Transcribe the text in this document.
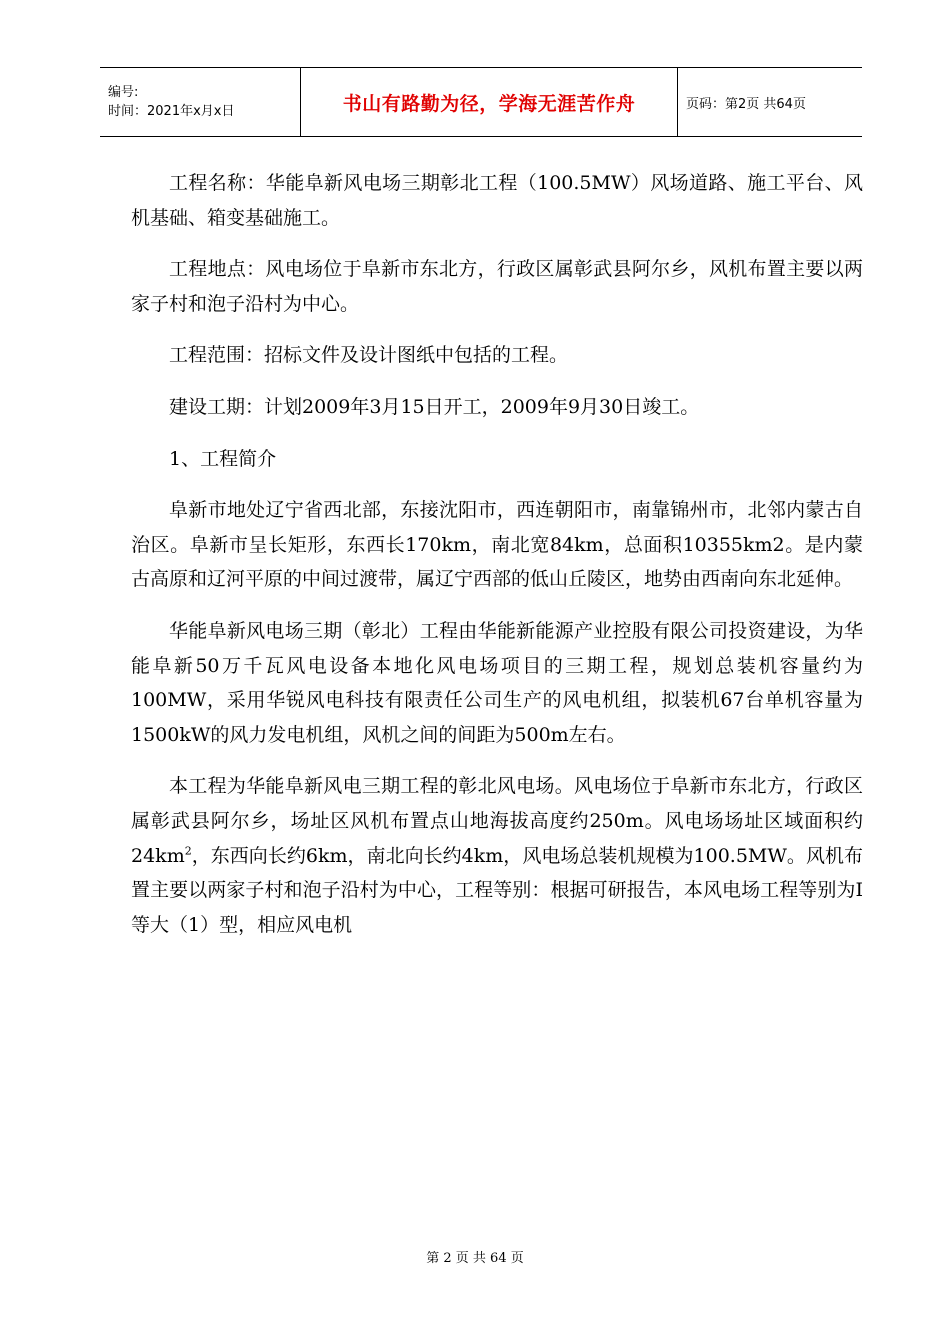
编号:
时间：2021年x月x日	书山有路勤为径，学海无涯苦作舟	页码：第2页 共64页

工程名称：华能阜新风电场三期彰北工程（100.5MW）风场道路、施工平台、风机基础、箱变基础施工。

工程地点：风电场位于阜新市东北方，行政区属彰武县阿尔乡，风机布置主要以两家子村和泡子沿村为中心。

工程范围：招标文件及设计图纸中包括的工程。

建设工期：计划2009年3月15日开工，2009年9月30日竣工。

1、工程简介

阜新市地处辽宁省西北部，东接沈阳市，西连朝阳市，南靠锦州市，北邻内蒙古自治区。阜新市呈长矩形，东西长170km，南北宽84km，总面积10355km2。是内蒙古高原和辽河平原的中间过渡带，属辽宁西部的低山丘陵区，地势由西南向东北延伸。

华能阜新风电场三期（彰北）工程由华能新能源产业控股有限公司投资建设，为华能阜新50万千瓦风电设备本地化风电场项目的三期工程，规划总装机容量约为100MW，采用华锐风电科技有限责任公司生产的风电机组，拟装机67台单机容量为1500kW的风力发电机组，风机之间的间距为500m左右。

本工程为华能阜新风电三期工程的彰北风电场。风电场位于阜新市东北方，行政区属彰武县阿尔乡，场址区风机布置点山地海拔高度约250m。风电场场址区域面积约$24km^2$，东西向长约6km，南北向长约4km，风电场总装机规模为100.5MW。风机布置主要以两家子村和泡子沿村为中心，工程等别：根据可研报告，本风电场工程等别为Ⅰ等大（1）型，相应风电机

第 2 页 共 64 页
